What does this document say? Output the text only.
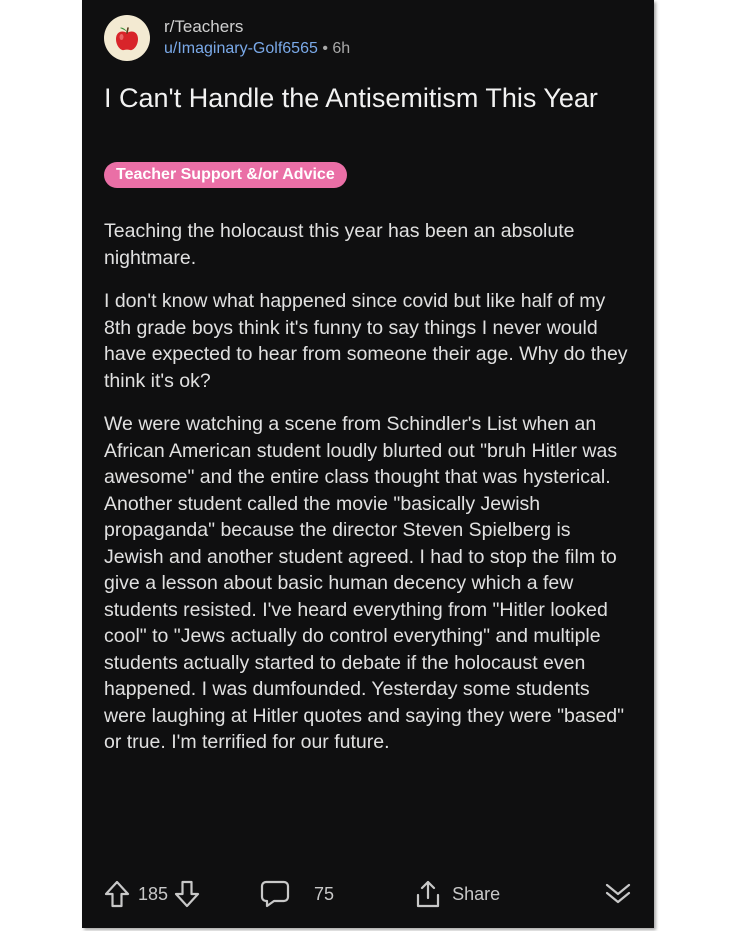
r/Teachers
u/Imaginary-Golf6565 • 6h
I Can't Handle the Antisemitism This Year
Teacher Support &/or Advice

Teaching the holocaust this year has been an absolute nightmare.

I don't know what happened since covid but like half of my 8th grade boys think it's funny to say things I never would have expected to hear from someone their age. Why do they think it's ok?

We were watching a scene from Schindler's List when an African American student loudly blurted out "bruh Hitler was awesome" and the entire class thought that was hysterical. Another student called the movie "basically Jewish propaganda" because the director Steven Spielberg is Jewish and another student agreed. I had to stop the film to give a lesson about basic human decency which a few students resisted. I've heard everything from "Hitler looked cool" to "Jews actually do control everything" and multiple students actually started to debate if the holocaust even happened. I was dumfounded. Yesterday some students were laughing at Hitler quotes and saying they were "based" or true. I'm terrified for our future.

185	75	Share
